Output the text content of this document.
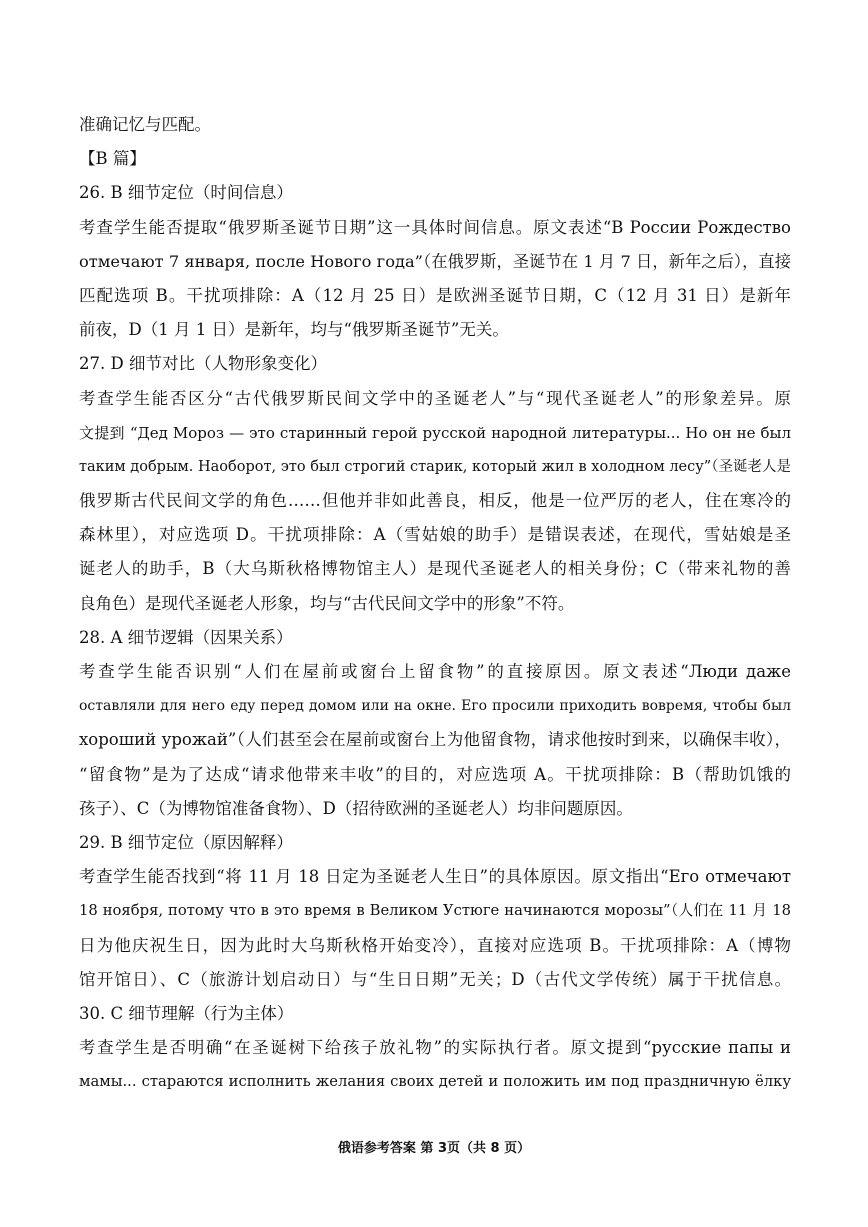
准确记忆与匹配。
【B 篇】
26. B 细节定位（时间信息）
考查学生能否提取“俄罗斯圣诞节日期”这一具体时间信息。原文表述“В России Рождество
отмечают 7 января, после Нового года”（在俄罗斯，圣诞节在 1 月 7 日，新年之后），直接
匹配选项 B。干扰项排除：A（12 月 25 日）是欧洲圣诞节日期，C（12 月 31 日）是新年
前夜，D（1 月 1 日）是新年，均与“俄罗斯圣诞节”无关。
27. D 细节对比（人物形象变化）
考查学生能否区分“古代俄罗斯民间文学中的圣诞老人”与“现代圣诞老人”的形象差异。原
文提到 “Дед Мороз — это старинный герой русской народной литературы... Но он не был
таким добрым. Наоборот, это был строгий старик, который жил в холодном лесу”（圣诞老人是
俄罗斯古代民间文学的角色……但他并非如此善良，相反，他是一位严厉的老人，住在寒冷的
森林里），对应选项 D。干扰项排除：A（雪姑娘的助手）是错误表述，在现代，雪姑娘是圣
诞老人的助手，B（大乌斯秋格博物馆主人）是现代圣诞老人的相关身份；C（带来礼物的善
良角色）是现代圣诞老人形象，均与“古代民间文学中的形象”不符。
28. A 细节逻辑（因果关系）
考查学生能否识别“人们在屋前或窗台上留食物”的直接原因。原文表述“Люди даже
оставляли для него еду перед домом или на окне. Его просили приходить вовремя, чтобы был
хороший урожай”（人们甚至会在屋前或窗台上为他留食物，请求他按时到来，以确保丰收），
“留食物”是为了达成“请求他带来丰收”的目的，对应选项 A。干扰项排除：B（帮助饥饿的
孩子）、C（为博物馆准备食物）、D（招待欧洲的圣诞老人）均非问题原因。
29. B 细节定位（原因解释）
考查学生能否找到“将 11 月 18 日定为圣诞老人生日”的具体原因。原文指出“Его отмечают
18 ноября, потому что в это время в Великом Устюге начинаются морозы”（人们在 11 月 18
日为他庆祝生日，因为此时大乌斯秋格开始变冷），直接对应选项 B。干扰项排除：A（博物
馆开馆日）、C（旅游计划启动日）与“生日日期”无关；D（古代文学传统）属于干扰信息。
30. C 细节理解（行为主体）
考查学生是否明确“在圣诞树下给孩子放礼物”的实际执行者。原文提到“русские папы и
мамы... стараются исполнить желания своих детей и положить им под праздничную ёлку
俄语参考答案 第 3页（共 8 页）
